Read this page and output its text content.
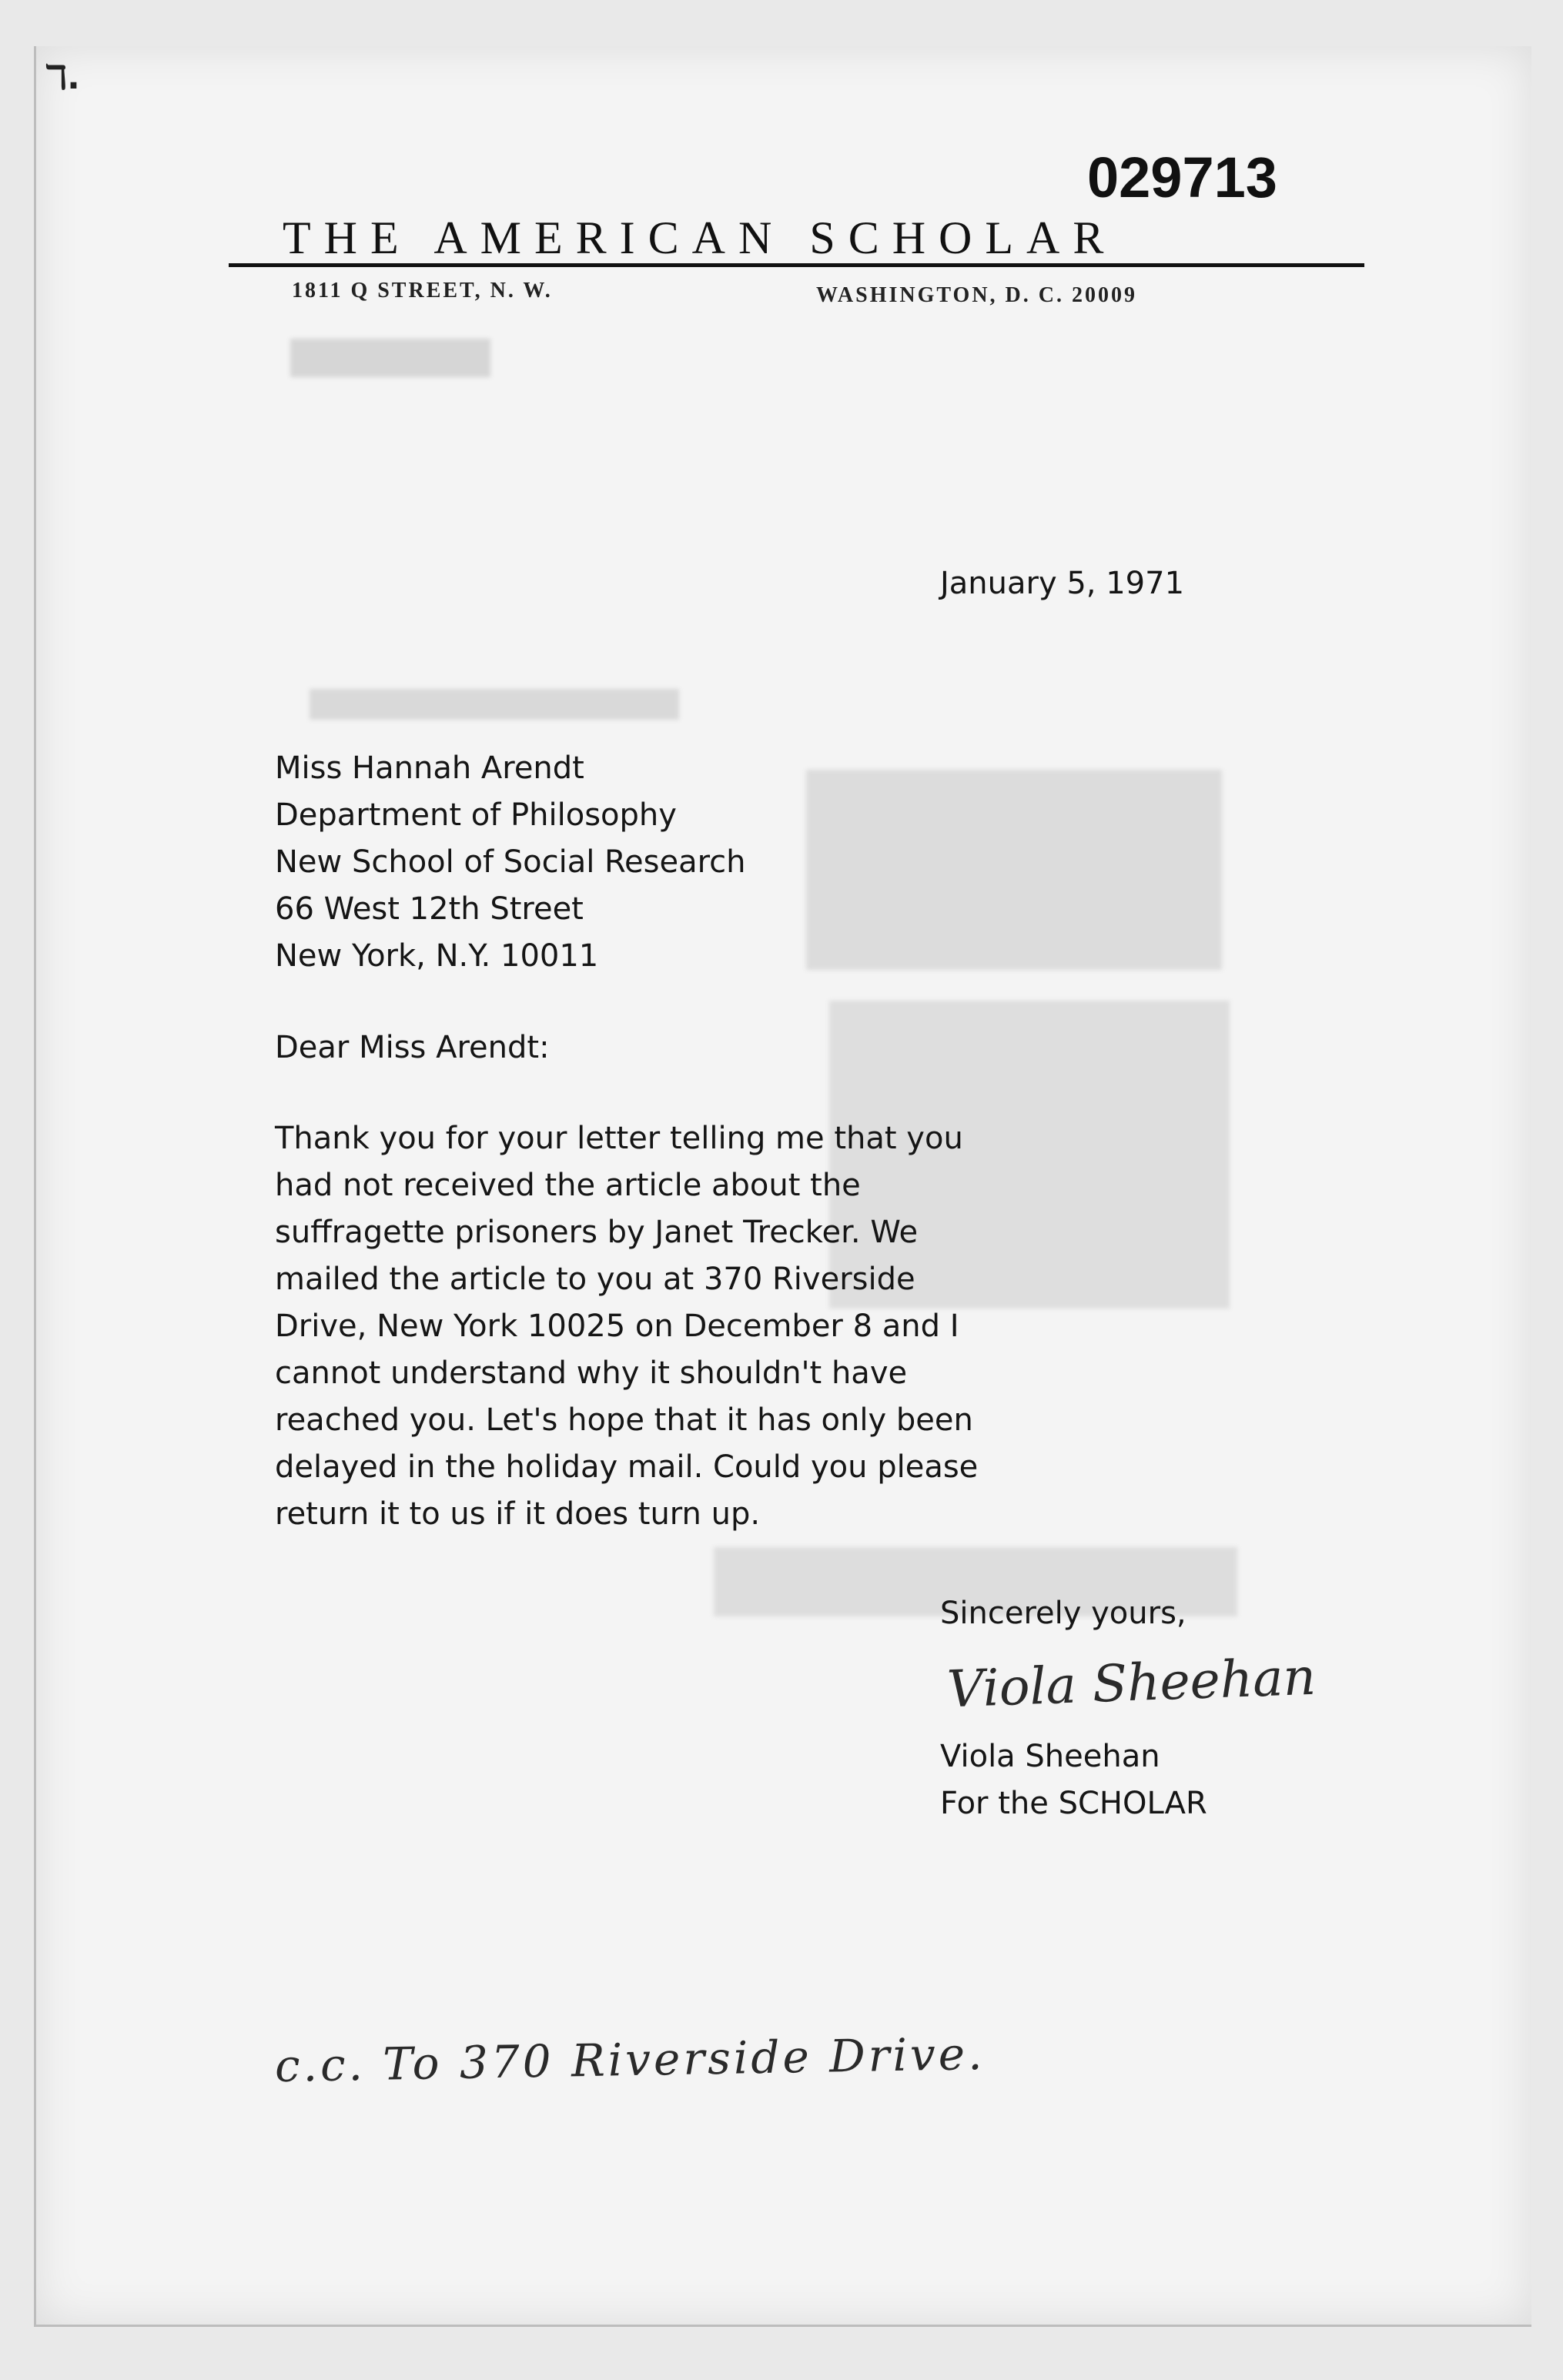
ℸ.
029713
THE AMERICAN SCHOLAR
1811 Q STREET, N. W.	WASHINGTON, D. C. 20009
January 5, 1971
Miss Hannah Arendt
Department of Philosophy
New School of Social Research
66 West 12th Street
New York, N.Y. 10011
Dear Miss Arendt:
Thank you for your letter telling me that you
had not received the article about the
suffragette prisoners by Janet Trecker. We
mailed the article to you at 370 Riverside
Drive, New York 10025 on December 8 and I
cannot understand why it shouldn't have
reached you. Let's hope that it has only been
delayed in the holiday mail. Could you please
return it to us if it does turn up.
Sincerely yours,
Viola Sheehan
Viola Sheehan
For the SCHOLAR
c.c. To 370 Riverside Drive.
